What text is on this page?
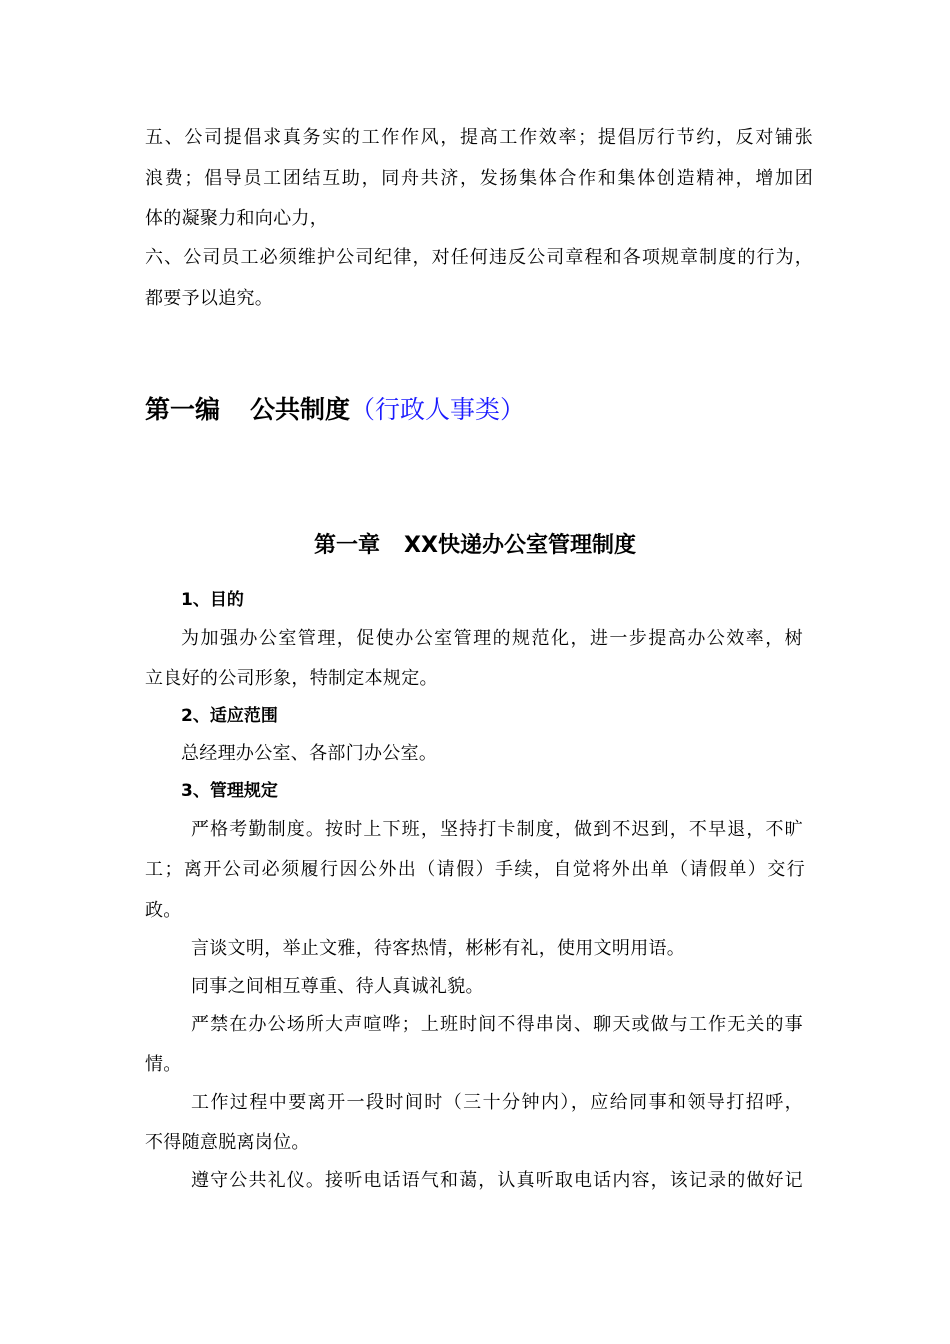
五、公司提倡求真务实的工作作风，提高工作效率；提倡厉行节约，反对铺张
浪费；倡导员工团结互助，同舟共济，发扬集体合作和集体创造精神，增加团
体的凝聚力和向心力，
六、公司员工必须维护公司纪律，对任何违反公司章程和各项规章制度的行为，
都要予以追究。
第一编 公共制度（行政人事类）
第一章 XX快递办公室管理制度
1、目的
为加强办公室管理，促使办公室管理的规范化，进一步提高办公效率，树
立良好的公司形象，特制定本规定。
2、适应范围
总经理办公室、各部门办公室。
3、管理规定
严格考勤制度。按时上下班，坚持打卡制度，做到不迟到，不早退，不旷
工；离开公司必须履行因公外出（请假）手续，自觉将外出单（请假单）交行
政。
言谈文明，举止文雅，待客热情，彬彬有礼，使用文明用语。
同事之间相互尊重、待人真诚礼貌。
严禁在办公场所大声喧哗；上班时间不得串岗、聊天或做与工作无关的事
情。
工作过程中要离开一段时间时（三十分钟内），应给同事和领导打招呼，
不得随意脱离岗位。
遵守公共礼仪。接听电话语气和蔼，认真听取电话内容，该记录的做好记
